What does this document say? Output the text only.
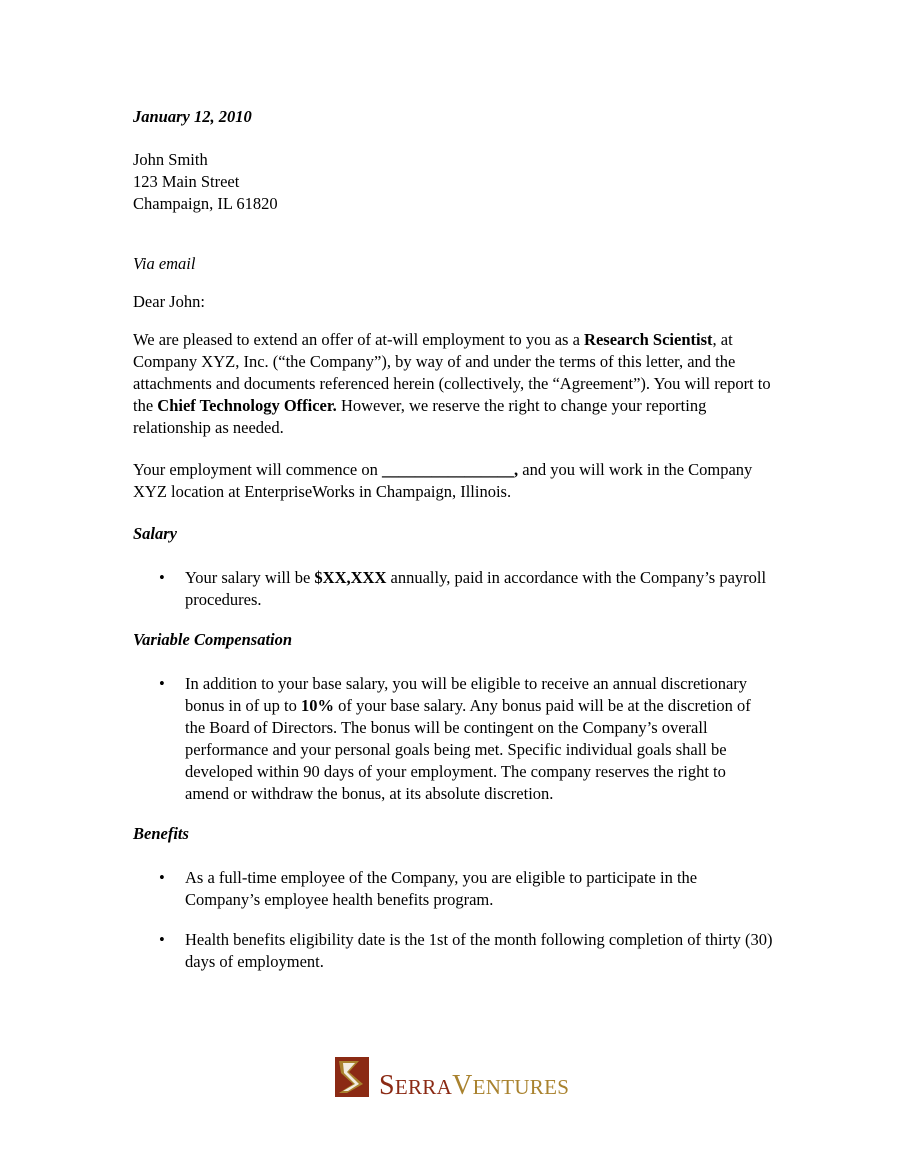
January 12, 2010
John Smith
123 Main Street
Champaign, IL 61820
Via email
Dear John:

We are pleased to extend an offer of at-will employment to you as a Research Scientist, at Company XYZ, Inc. (“the Company”), by way of and under the terms of this letter, and the attachments and documents referenced herein (collectively, the “Agreement”). You will report to the Chief Technology Officer. However, we reserve the right to change your reporting relationship as needed.

Your employment will commence on ________________, and you will work in the Company XYZ location at EnterpriseWorks in Champaign, Illinois.

Salary
• Your salary will be $XX,XXX annually, paid in accordance with the Company’s payroll procedures.
Variable Compensation
• In addition to your base salary, you will be eligible to receive an annual discretionary bonus in of up to 10% of your base salary. Any bonus paid will be at the discretion of the Board of Directors. The bonus will be contingent on the Company’s overall performance and your personal goals being met. Specific individual goals shall be developed within 90 days of your employment. The company reserves the right to amend or withdraw the bonus, at its absolute discretion.
Benefits
• As a full-time employee of the Company, you are eligible to participate in the Company’s employee health benefits program.
• Health benefits eligibility date is the 1st of the month following completion of thirty (30) days of employment.
SERRAVENTURES
